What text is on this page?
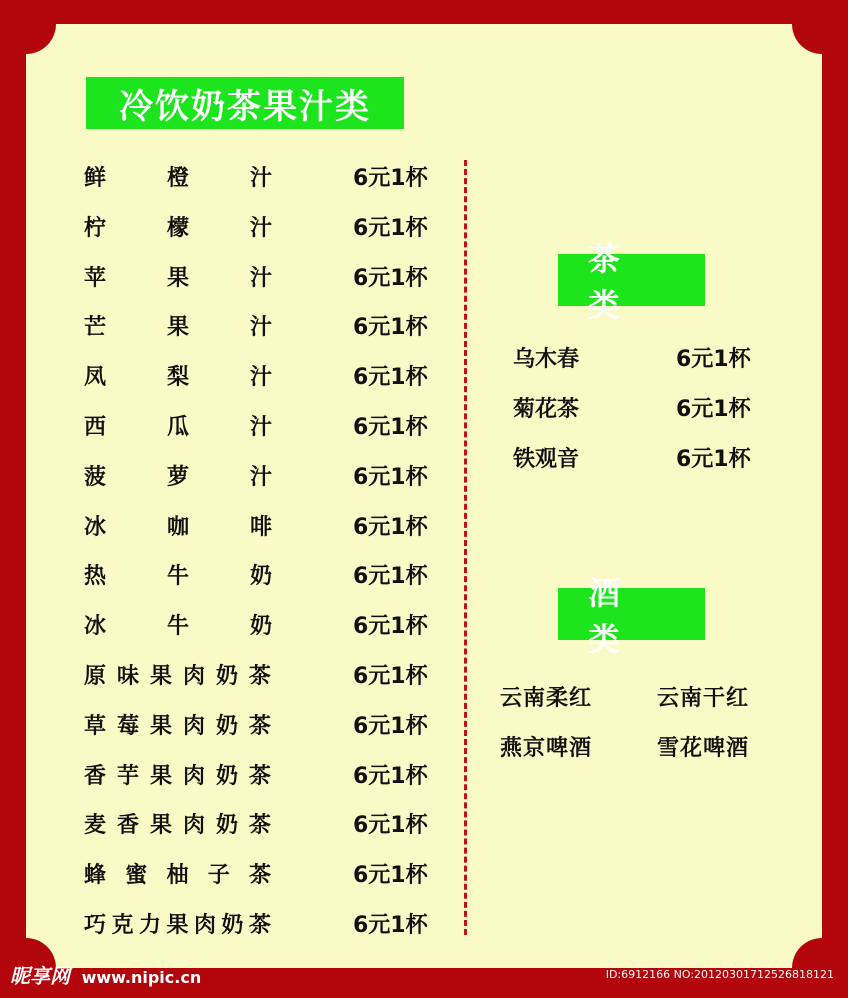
冷饮奶茶果汁类
茶类
酒类
鲜	橙	汁	6元1杯
柠	檬	汁	6元1杯
苹	果	汁	6元1杯
芒	果	汁	6元1杯
凤	梨	汁	6元1杯
西	瓜	汁	6元1杯
菠	萝	汁	6元1杯
冰	咖	啡	6元1杯
热	牛	奶	6元1杯
冰	牛	奶	6元1杯
原 味 果 肉 奶 茶	6元1杯
草 莓 果 肉 奶 茶	6元1杯
香 芋 果 肉 奶 茶	6元1杯
麦 香 果 肉 奶 茶	6元1杯
蜂 蜜 柚 子 茶	6元1杯
巧 克 力 果 肉 奶 茶	6元1杯
乌木春	6元1杯
菊花茶	6元1杯
铁观音	6元1杯
云南柔红	云南干红
燕京啤酒	雪花啤酒
昵享网 www.nipic.cn	ID:6912166 NO:20120301712526818121
